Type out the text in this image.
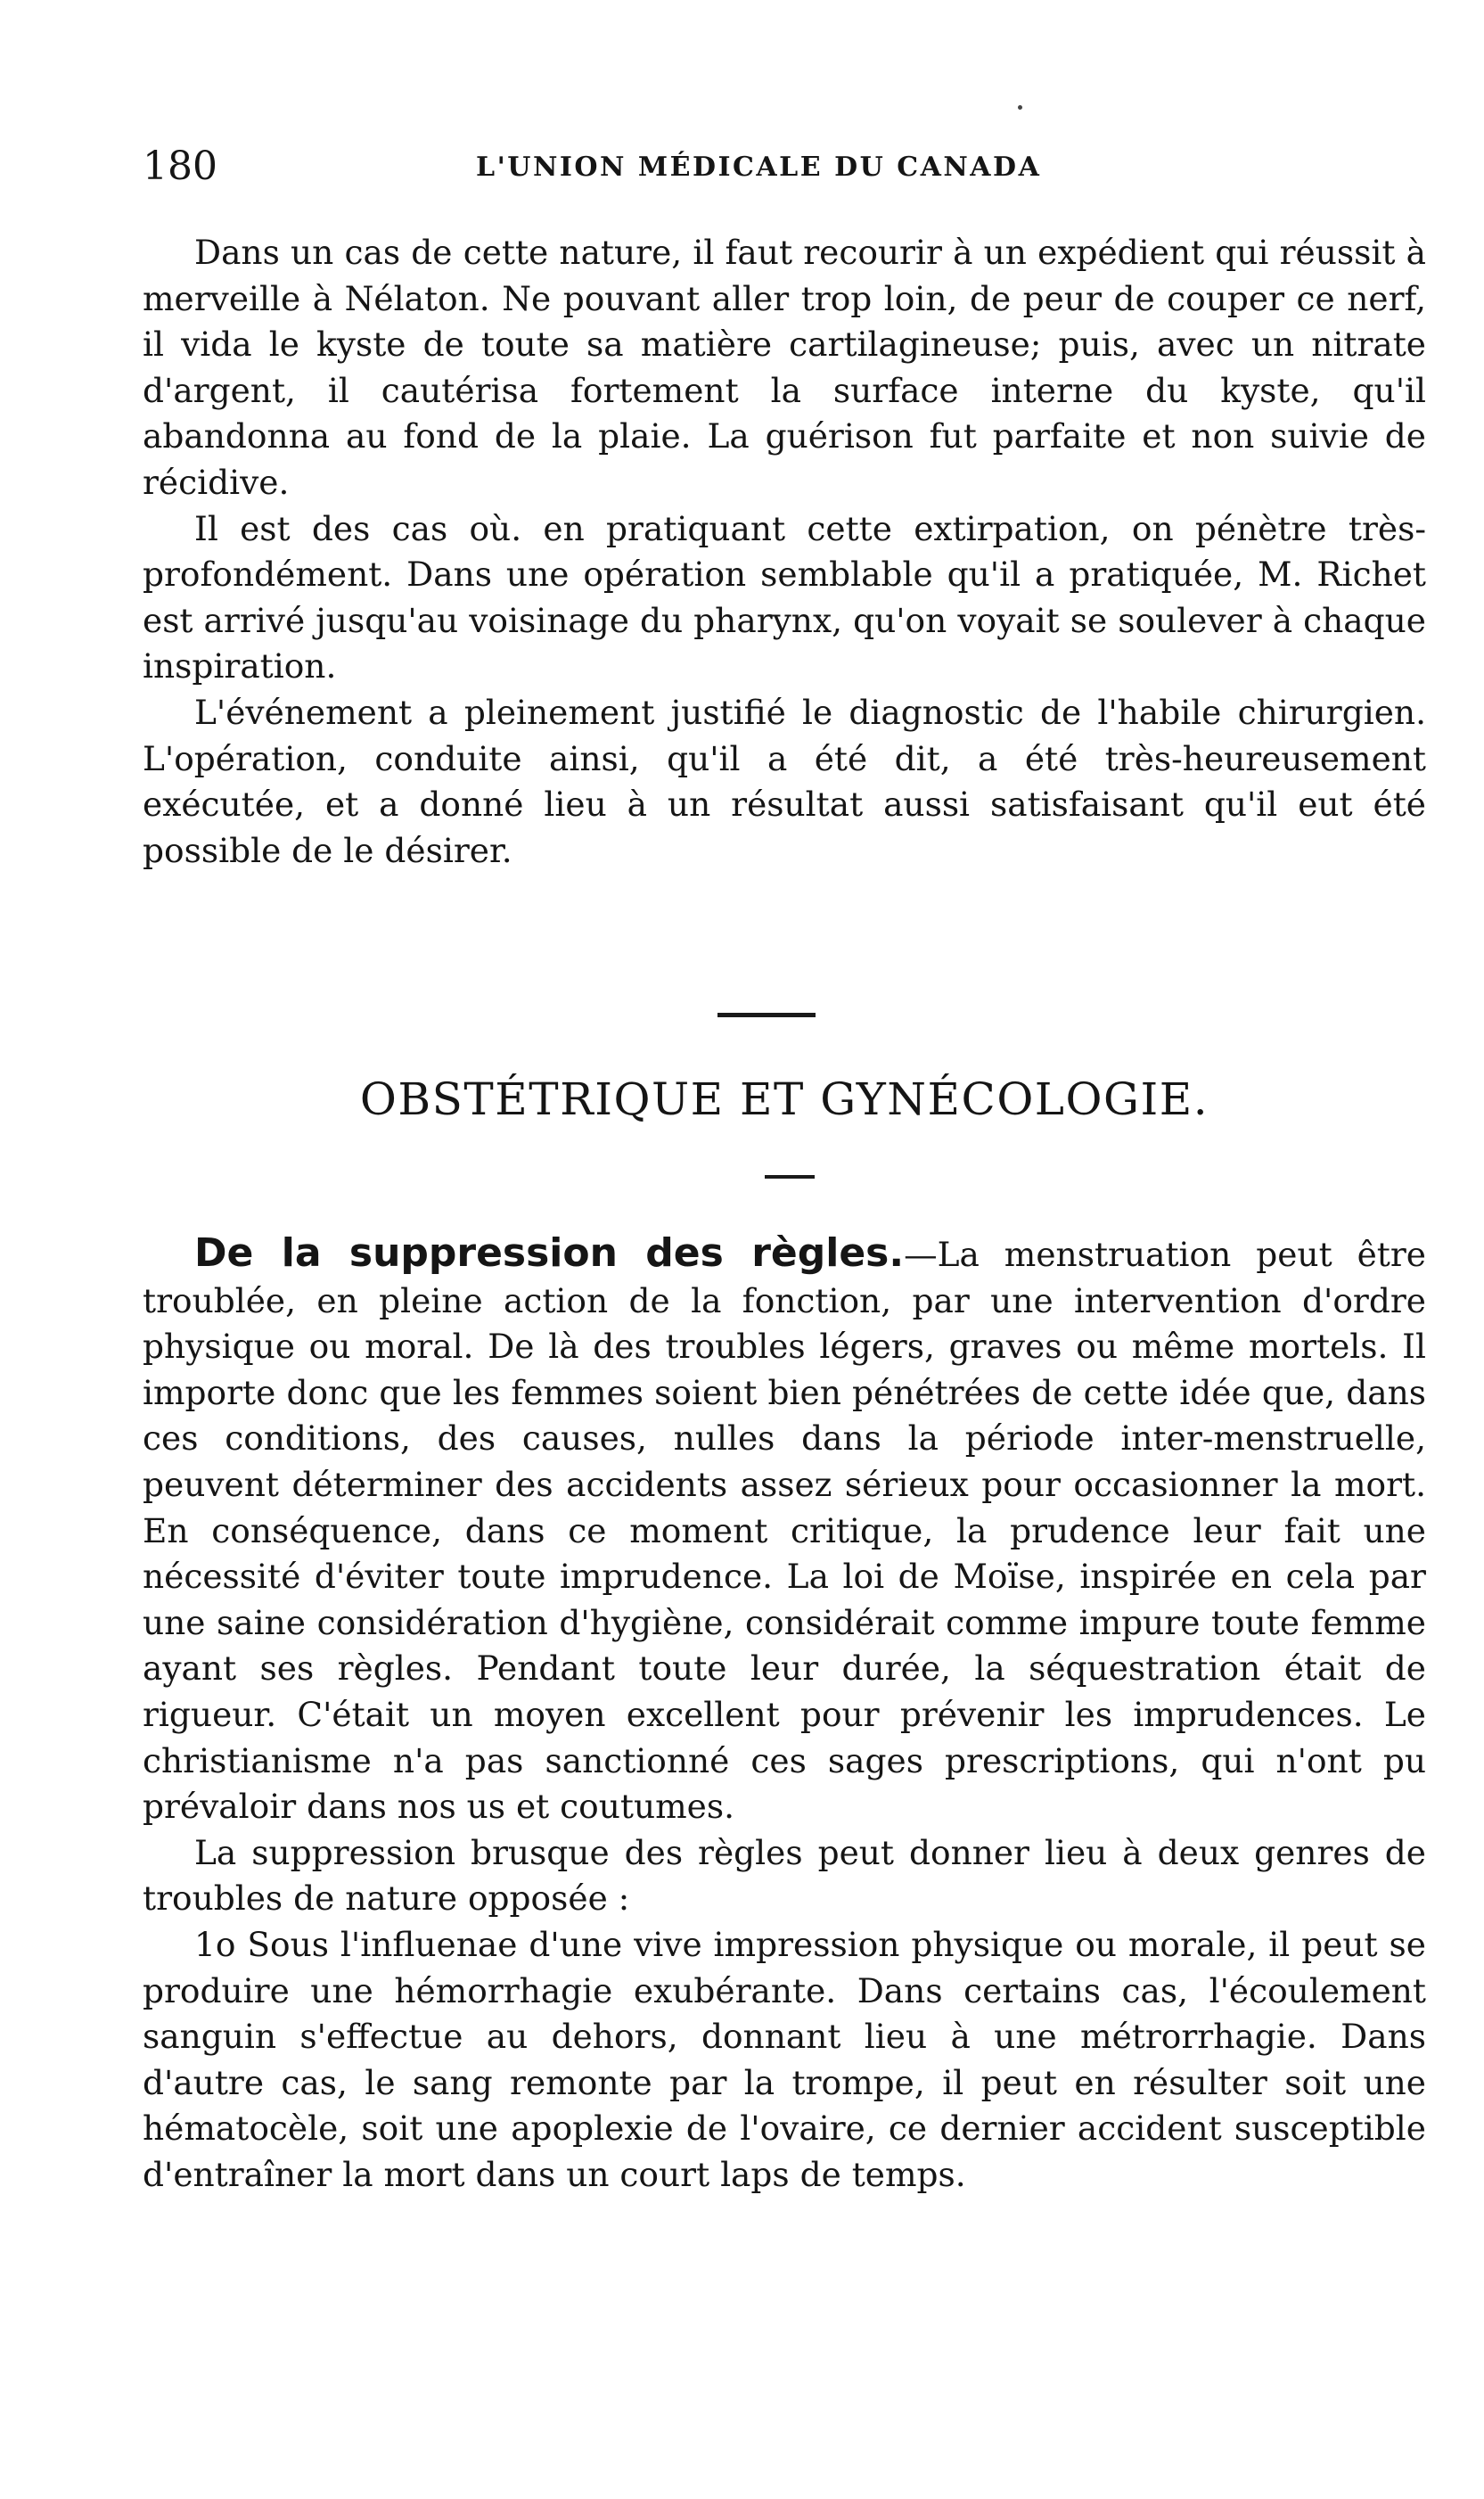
180	L'UNION MÉDICALE DU CANADA

Dans un cas de cette nature, il faut recourir à un expédient qui réussit à merveille à Nélaton. Ne pouvant aller trop loin, de peur de couper ce nerf, il vida le kyste de toute sa matière cartilagineuse; puis, avec un nitrate d'argent, il cautérisa fortement la surface interne du kyste, qu'il abandonna au fond de la plaie. La guérison fut parfaite et non suivie de récidive.

Il est des cas où. en pratiquant cette extirpation, on pénètre très-profondément. Dans une opération semblable qu'il a pratiquée, M. Richet est arrivé jusqu'au voisinage du pharynx, qu'on voyait se soulever à chaque inspiration.

L'événement a pleinement justifié le diagnostic de l'habile chirurgien. L'opération, conduite ainsi, qu'il a été dit, a été très-heureusement exécutée, et a donné lieu à un résultat aussi satisfaisant qu'il eut été possible de le désirer.

OBSTÉTRIQUE ET GYNÉCOLOGIE.

De la suppression des règles.—La menstruation peut être troublée, en pleine action de la fonction, par une intervention d'ordre physique ou moral. De là des troubles légers, graves ou même mortels. Il importe donc que les femmes soient bien pénétrées de cette idée que, dans ces conditions, des causes, nulles dans la période inter-menstruelle, peuvent déterminer des accidents assez sérieux pour occasionner la mort. En conséquence, dans ce moment critique, la prudence leur fait une nécessité d'éviter toute imprudence. La loi de Moïse, inspirée en cela par une saine considération d'hygiène, considérait comme impure toute femme ayant ses règles. Pendant toute leur durée, la séquestration était de rigueur. C'était un moyen excellent pour prévenir les imprudences. Le christianisme n'a pas sanctionné ces sages prescriptions, qui n'ont pu prévaloir dans nos us et coutumes.

La suppression brusque des règles peut donner lieu à deux genres de troubles de nature opposée :

1o Sous l'influenae d'une vive impression physique ou morale, il peut se produire une hémorrhagie exubérante. Dans certains cas, l'écoulement sanguin s'effectue au dehors, donnant lieu à une métrorrhagie. Dans d'autre cas, le sang remonte par la trompe, il peut en résulter soit une hématocèle, soit une apoplexie de l'ovaire, ce dernier accident susceptible d'entraîner la mort dans un court laps de temps.
